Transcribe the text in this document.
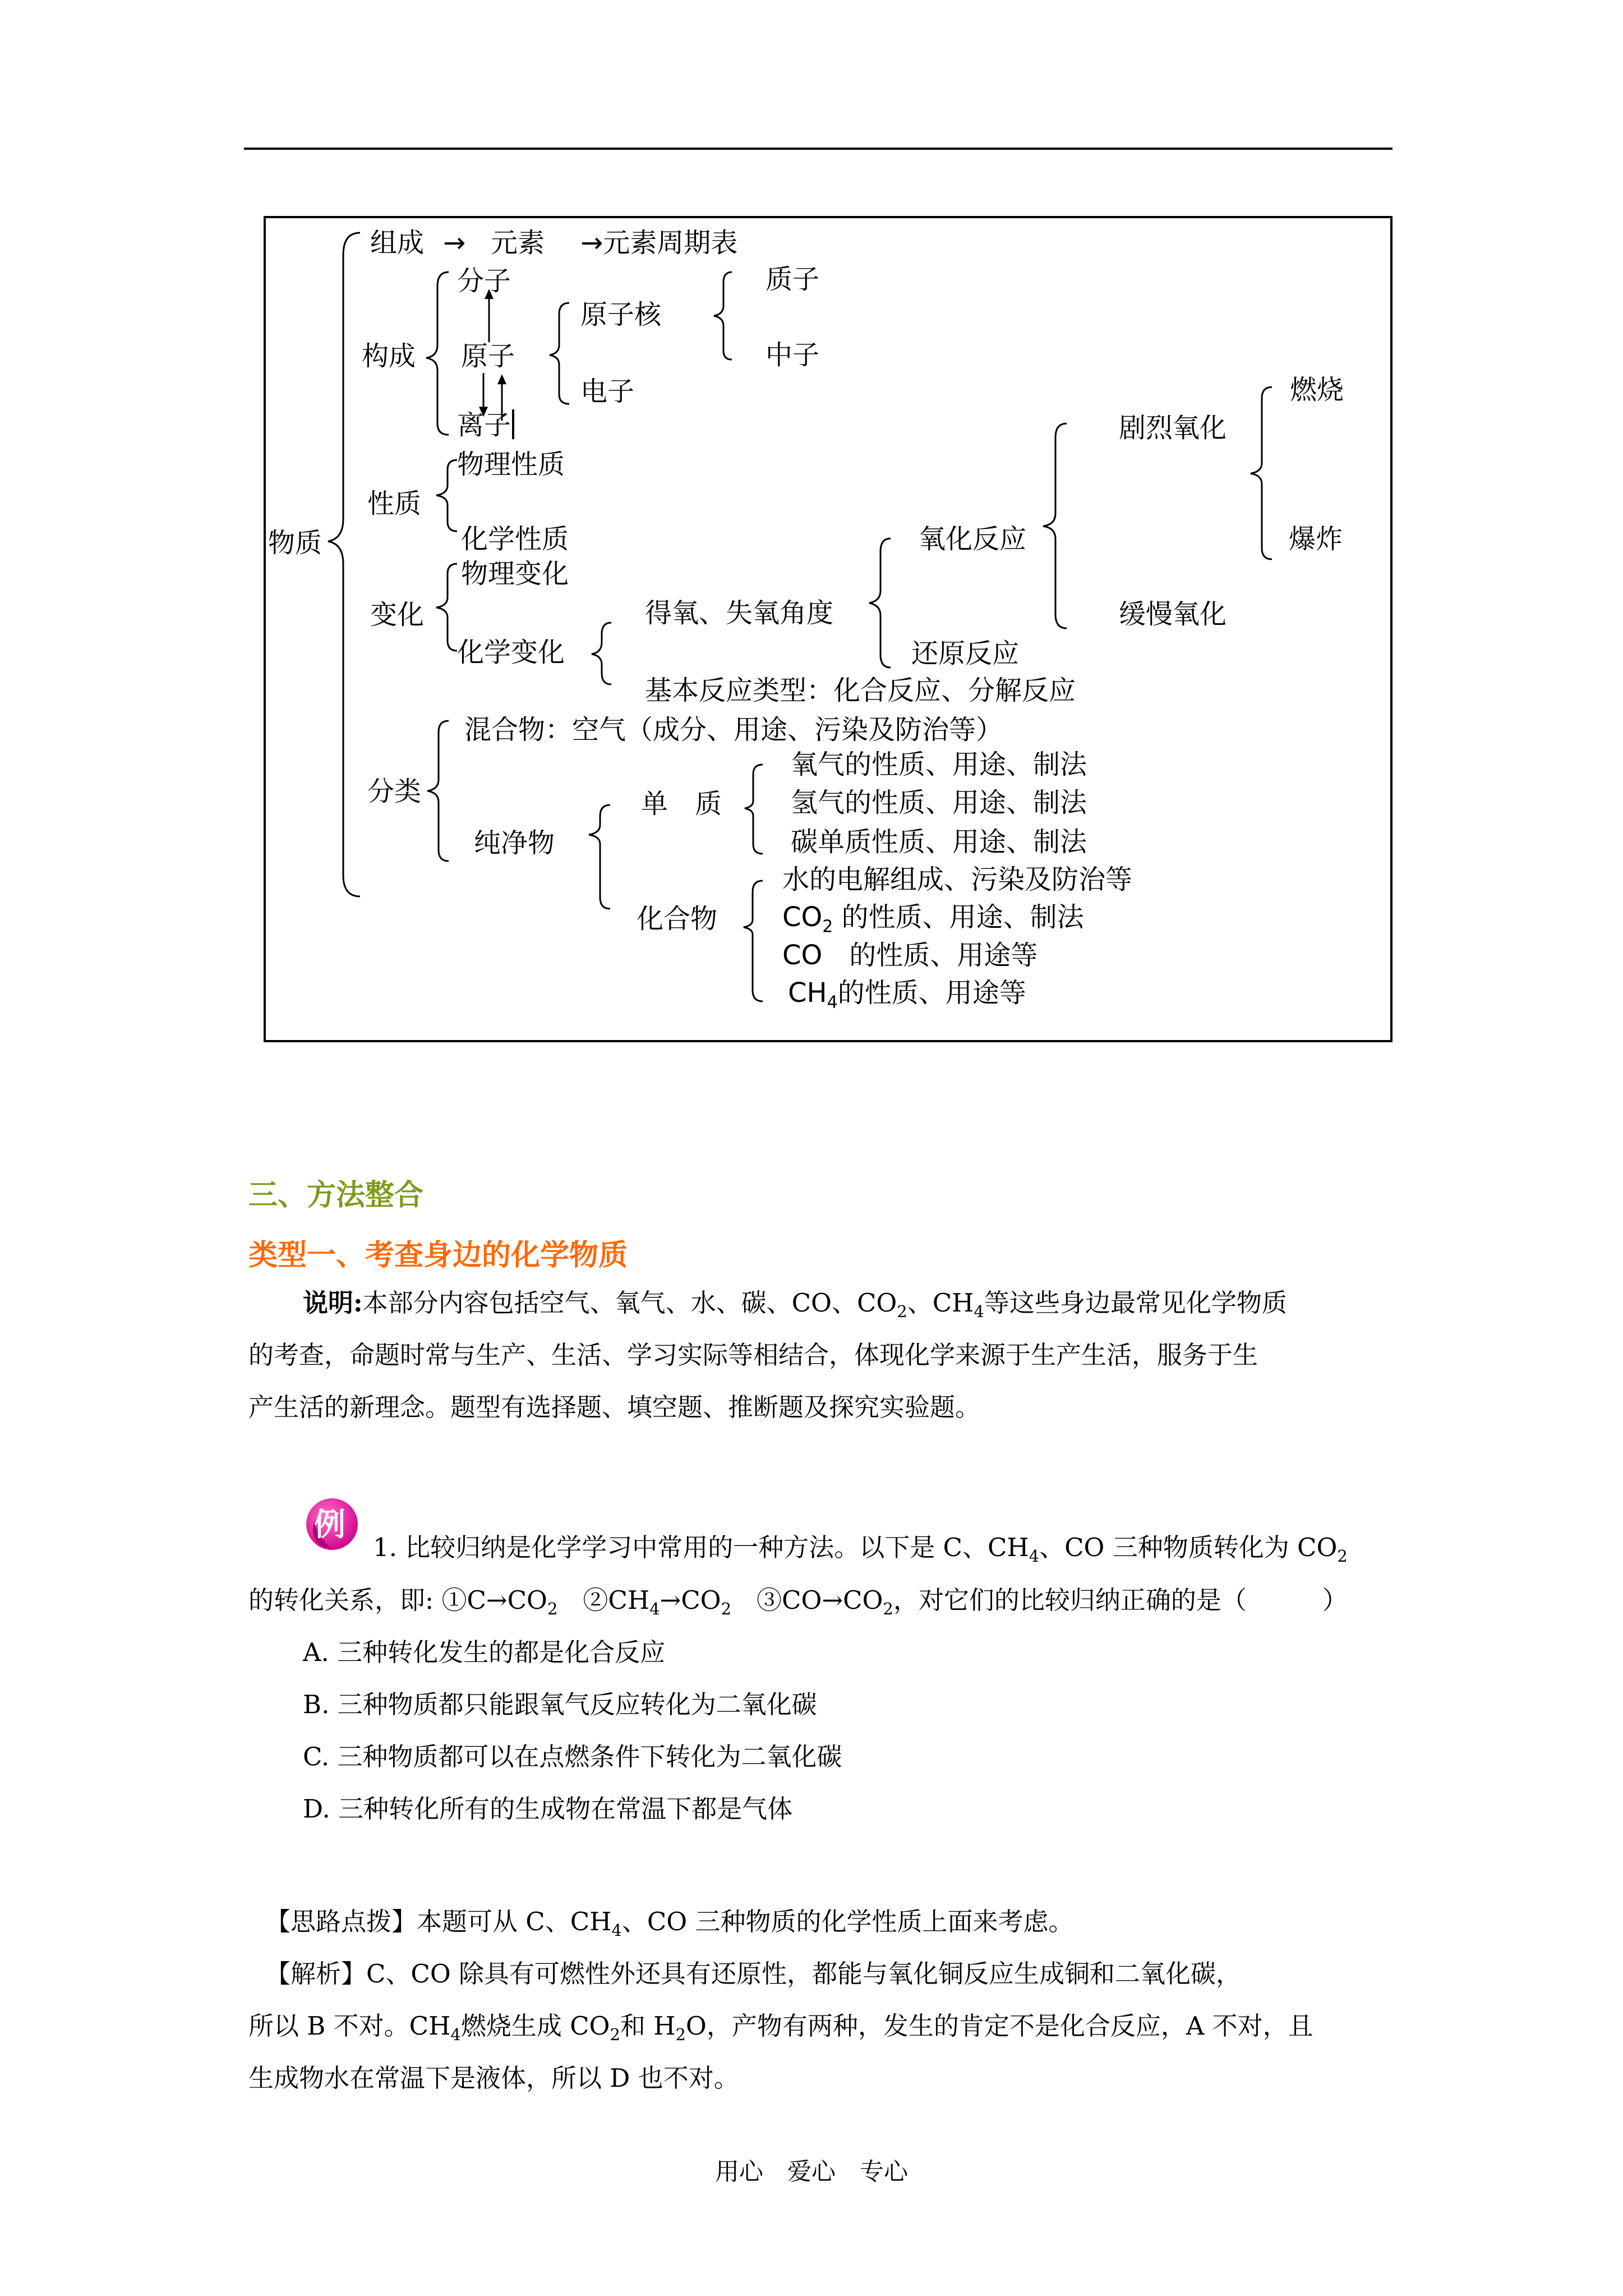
物质
组成 → 元素 →元素周期表
构成
分子
原子
离子
原子核
电子
质子
中子
性质
物理性质
化学性质
变化
物理变化
化学变化
得氧、失氧角度
氧化反应
还原反应
剧烈氧化
缓慢氧化
燃烧
爆炸
基本反应类型：化合反应、分解反应
分类
混合物：空气（成分、用途、污染及防治等）
纯净物
单　质
化合物
氧气的性质、用途、制法
氢气的性质、用途、制法
碳单质性质、用途、制法
水的电解组成、污染及防治等
$CO_2$ 的性质、用途、制法
CO　的性质、用途等
$CH_4$的性质、用途等
三、方法整合
类型一、考查身边的化学物质
说明:本部分内容包括空气、氧气、水、碳、CO、$CO_2$、$CH_4$等这些身边最常见化学物质
的考查，命题时常与生产、生活、学习实际等相结合，体现化学来源于生产生活，服务于生
产生活的新理念。题型有选择题、填空题、推断题及探究实验题。
例
1. 比较归纳是化学学习中常用的一种方法。以下是 C、$CH_4$、CO 三种物质转化为 $CO_2$
的转化关系，即: $①C\to CO_2$　$②CH_4\to CO_2$　$③CO\to CO_2$，对它们的比较归纳正确的是（　　　）
A. 三种转化发生的都是化合反应
B. 三种物质都只能跟氧气反应转化为二氧化碳
C. 三种物质都可以在点燃条件下转化为二氧化碳
D. 三种转化所有的生成物在常温下都是气体
【思路点拨】本题可从 C、$CH_4$、CO 三种物质的化学性质上面来考虑。
【解析】C、CO 除具有可燃性外还具有还原性，都能与氧化铜反应生成铜和二氧化碳，
所以 B 不对。$CH_4$燃烧生成 $CO_2$和 $H_2O$，产物有两种，发生的肯定不是化合反应，A 不对，且
生成物水在常温下是液体，所以 D 也不对。
用心　爱心　专心
